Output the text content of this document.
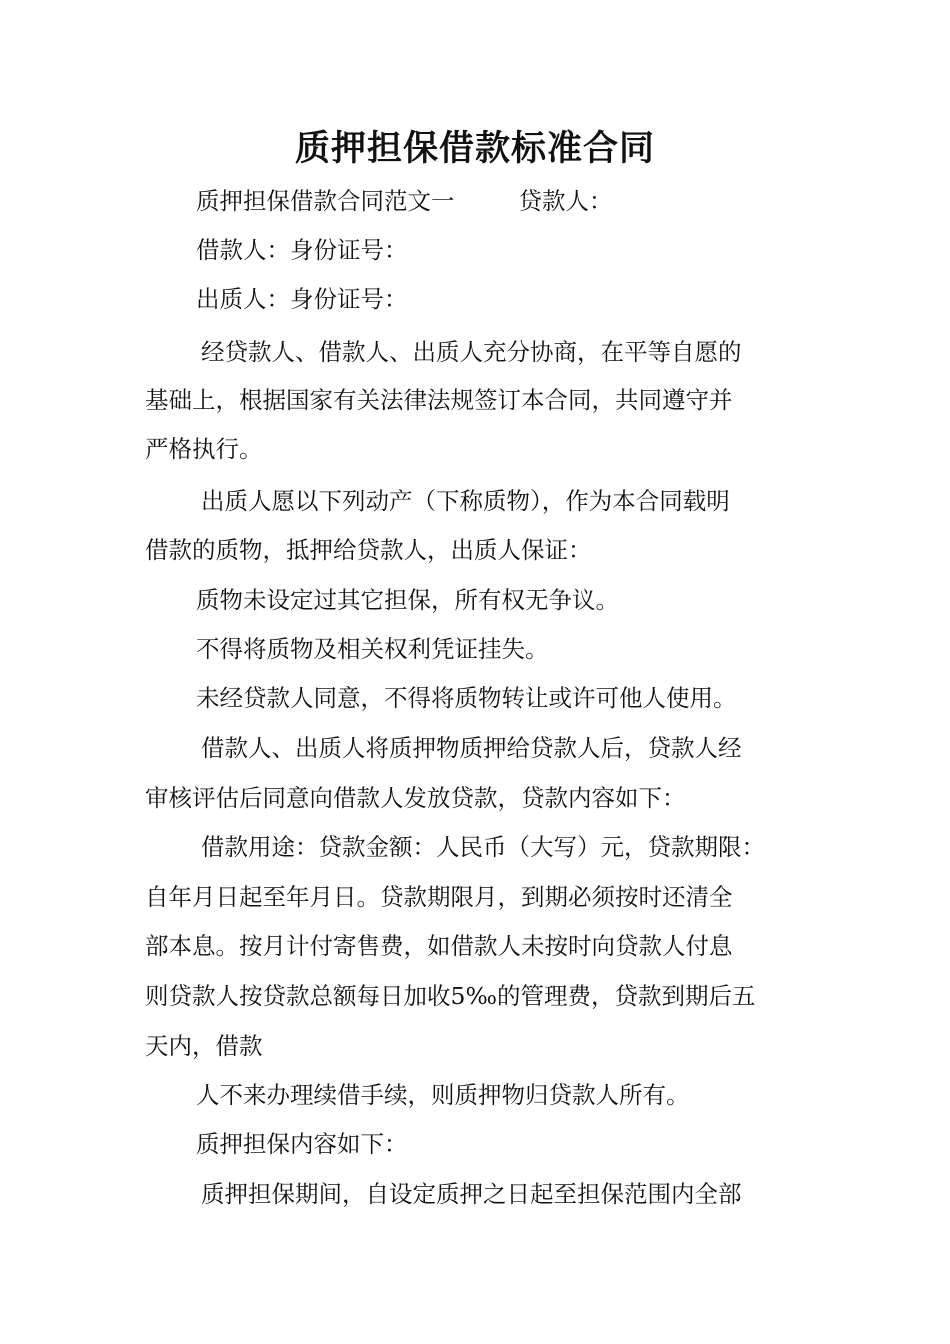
质押担保借款标准合同
质押担保借款合同范文一	贷款人：
借款人：身份证号：
出质人：身份证号：
经贷款人、借款人、出质人充分协商，在平等自愿的
基础上，根据国家有关法律法规签订本合同，共同遵守并
严格执行。
出质人愿以下列动产（下称质物），作为本合同载明
借款的质物，抵押给贷款人，出质人保证：
质物未设定过其它担保，所有权无争议。
不得将质物及相关权利凭证挂失。
未经贷款人同意，不得将质物转让或许可他人使用。
借款人、出质人将质押物质押给贷款人后，贷款人经
审核评估后同意向借款人发放贷款，贷款内容如下：
借款用途：贷款金额：人民币（大写）元，贷款期限：
自年月日起至年月日。贷款期限月，到期必须按时还清全
部本息。按月计付寄售费，如借款人未按时向贷款人付息
则贷款人按贷款总额每日加收5‰的管理费，贷款到期后五
天内，借款
人不来办理续借手续，则质押物归贷款人所有。
质押担保内容如下：
质押担保期间，自设定质押之日起至担保范围内全部
